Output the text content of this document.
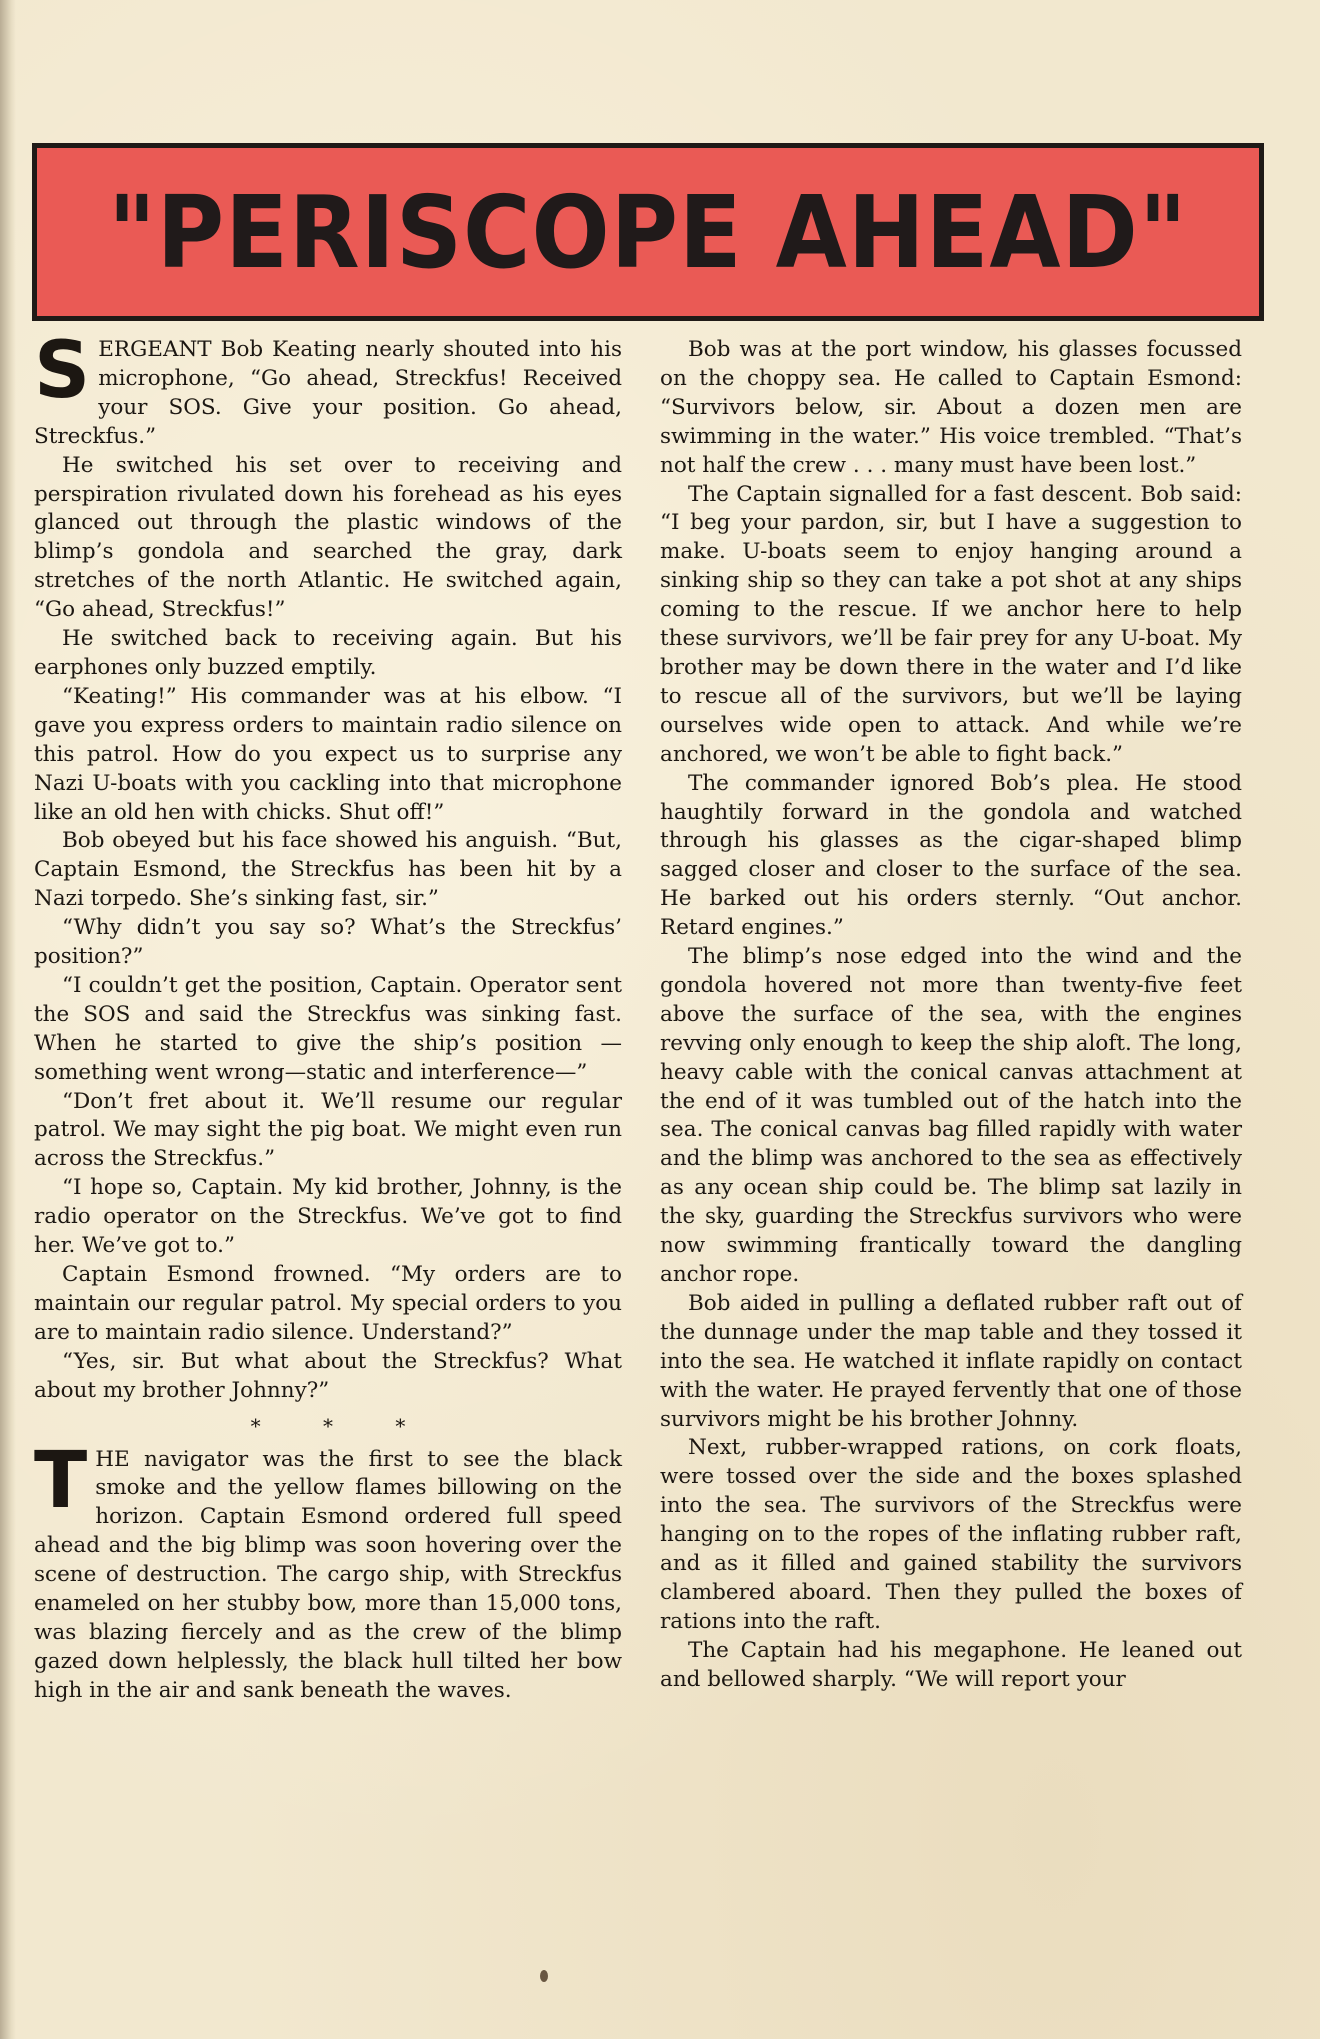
"PERISCOPE AHEAD"

SERGEANT Bob Keating nearly shouted into his microphone, “Go ahead, Streckfus! Received your SOS. Give your position. Go ahead, Streckfus.”

He switched his set over to receiving and perspiration rivulated down his forehead as his eyes glanced out through the plastic windows of the blimp’s gondola and searched the gray, dark stretches of the north Atlantic. He switched again, “Go ahead, Streckfus!”

He switched back to receiving again. But his earphones only buzzed emptily.

“Keating!” His commander was at his elbow. “I gave you express orders to maintain radio silence on this patrol. How do you expect us to surprise any Nazi U-boats with you cackling into that microphone like an old hen with chicks. Shut off!”

Bob obeyed but his face showed his anguish. “But, Captain Esmond, the Streckfus has been hit by a Nazi torpedo. She’s sinking fast, sir.”

“Why didn’t you say so? What’s the Streckfus’ position?”

“I couldn’t get the position, Captain. Operator sent the SOS and said the Streckfus was sinking fast. When he started to give the ship’s position —something went wrong—static and interference—”

“Don’t fret about it. We’ll resume our regular patrol. We may sight the pig boat. We might even run across the Streckfus.”

“I hope so, Captain. My kid brother, Johnny, is the radio operator on the Streckfus. We’ve got to find her. We’ve got to.”

Captain Esmond frowned. “My orders are to maintain our regular patrol. My special orders to you are to maintain radio silence. Understand?”

“Yes, sir. But what about the Streckfus? What about my brother Johnny?”

* * *

THE navigator was the first to see the black smoke and the yellow flames billowing on the horizon. Captain Esmond ordered full speed ahead and the big blimp was soon hovering over the scene of destruction. The cargo ship, with Streckfus enameled on her stubby bow, more than 15,000 tons, was blazing fiercely and as the crew of the blimp gazed down helplessly, the black hull tilted her bow high in the air and sank beneath the waves.

Bob was at the port window, his glasses focussed on the choppy sea. He called to Captain Esmond: “Survivors below, sir. About a dozen men are swimming in the water.” His voice trembled. “That’s not half the crew . . . many must have been lost.”

The Captain signalled for a fast descent. Bob said: “I beg your pardon, sir, but I have a suggestion to make. U-boats seem to enjoy hanging around a sinking ship so they can take a pot shot at any ships coming to the rescue. If we anchor here to help these survivors, we’ll be fair prey for any U-boat. My brother may be down there in the water and I’d like to rescue all of the survivors, but we’ll be laying ourselves wide open to attack. And while we’re anchored, we won’t be able to fight back.”

The commander ignored Bob’s plea. He stood haughtily forward in the gondola and watched through his glasses as the cigar-shaped blimp sagged closer and closer to the surface of the sea. He barked out his orders sternly. “Out anchor. Retard engines.”

The blimp’s nose edged into the wind and the gondola hovered not more than twenty-five feet above the surface of the sea, with the engines revving only enough to keep the ship aloft. The long, heavy cable with the conical canvas attachment at the end of it was tumbled out of the hatch into the sea. The conical canvas bag filled rapidly with water and the blimp was anchored to the sea as effectively as any ocean ship could be. The blimp sat lazily in the sky, guarding the Streckfus survivors who were now swimming frantically toward the dangling anchor rope.

Bob aided in pulling a deflated rubber raft out of the dunnage under the map table and they tossed it into the sea. He watched it inflate rapidly on contact with the water. He prayed fervently that one of those survivors might be his brother Johnny.

Next, rubber-wrapped rations, on cork floats, were tossed over the side and the boxes splashed into the sea. The survivors of the Streckfus were hanging on to the ropes of the inflating rubber raft, and as it filled and gained stability the survivors clambered aboard. Then they pulled the boxes of rations into the raft.

The Captain had his megaphone. He leaned out and bellowed sharply. “We will report your
